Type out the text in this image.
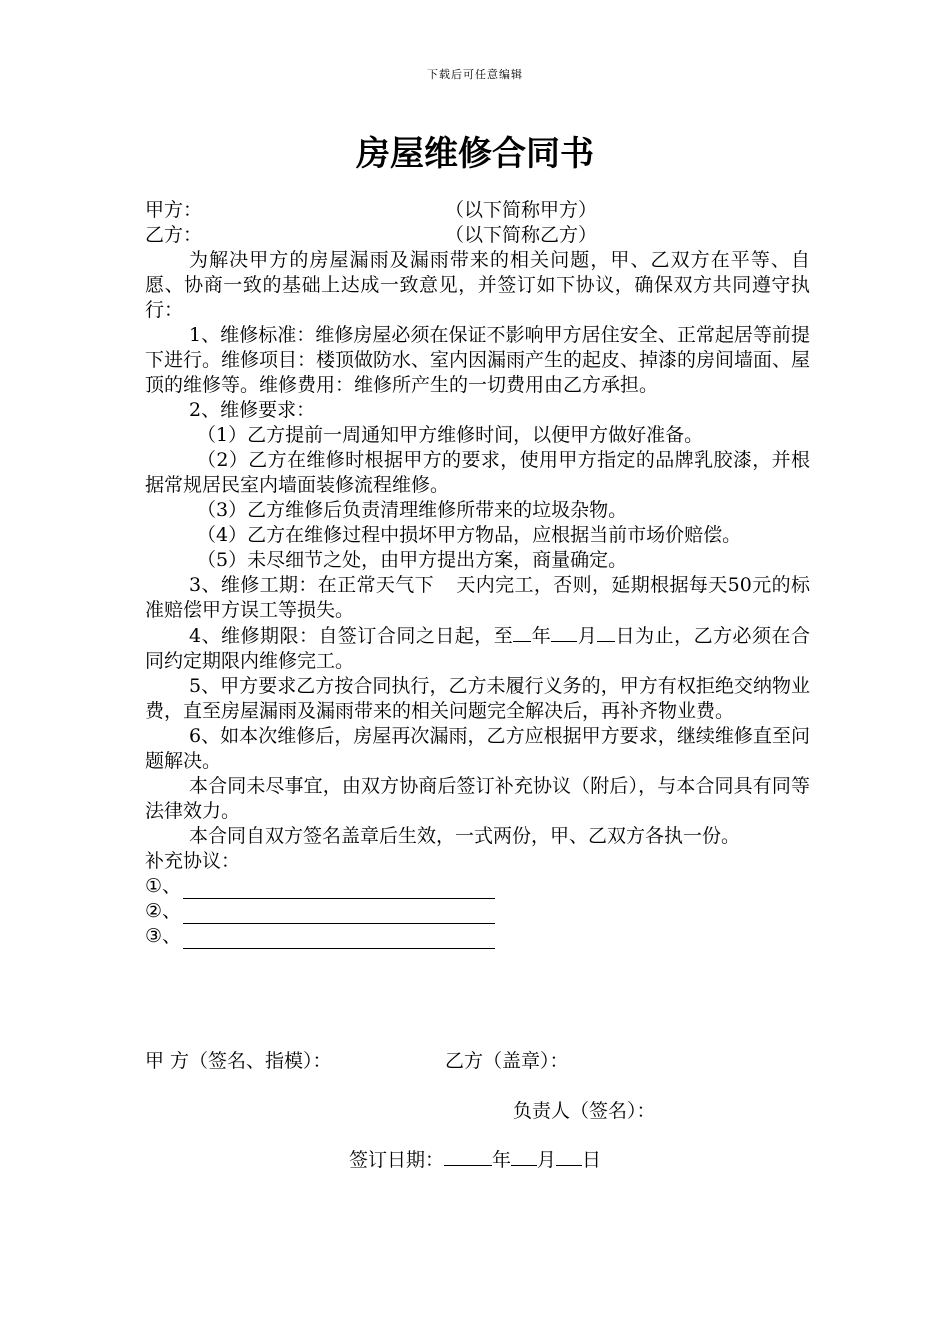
下载后可任意编辑
房屋维修合同书

甲方：	（以下简称甲方）

乙方：	（以下简称乙方）

为解决甲方的房屋漏雨及漏雨带来的相关问题，甲、乙双方在平等、自愿、协商一致的基础上达成一致意见，并签订如下协议，确保双方共同遵守执行：

1、维修标准：维修房屋必须在保证不影响甲方居住安全、正常起居等前提下进行。维修项目：楼顶做防水、室内因漏雨产生的起皮、掉漆的房间墙面、屋顶的维修等。维修费用：维修所产生的一切费用由乙方承担。

2、维修要求：

（1）乙方提前一周通知甲方维修时间，以便甲方做好准备。

（2）乙方在维修时根据甲方的要求，使用甲方指定的品牌乳胶漆，并根据常规居民室内墙面装修流程维修。

（3）乙方维修后负责清理维修所带来的垃圾杂物。

（4）乙方在维修过程中损坏甲方物品，应根据当前市场价赔偿。

（5）未尽细节之处，由甲方提出方案，商量确定。

3、维修工期：在正常天气下 天内完工，否则，延期根据每天50元的标准赔偿甲方误工等损失。

4、维修期限：自签订合同之日起，至 年 月 日为止，乙方必须在合同约定期限内维修完工。

5、甲方要求乙方按合同执行，乙方未履行义务的，甲方有权拒绝交纳物业费，直至房屋漏雨及漏雨带来的相关问题完全解决后，再补齐物业费。

6、如本次维修后，房屋再次漏雨，乙方应根据甲方要求，继续维修直至问题解决。

本合同未尽事宜，由双方协商后签订补充协议（附后），与本合同具有同等法律效力。

本合同自双方签名盖章后生效，一式两份，甲、乙双方各执一份。

补充协议：

①、
②、
③、
甲 方（签名、指模）：	乙方（盖章）：
负责人（签名）：
签订日期：	年 月 日
